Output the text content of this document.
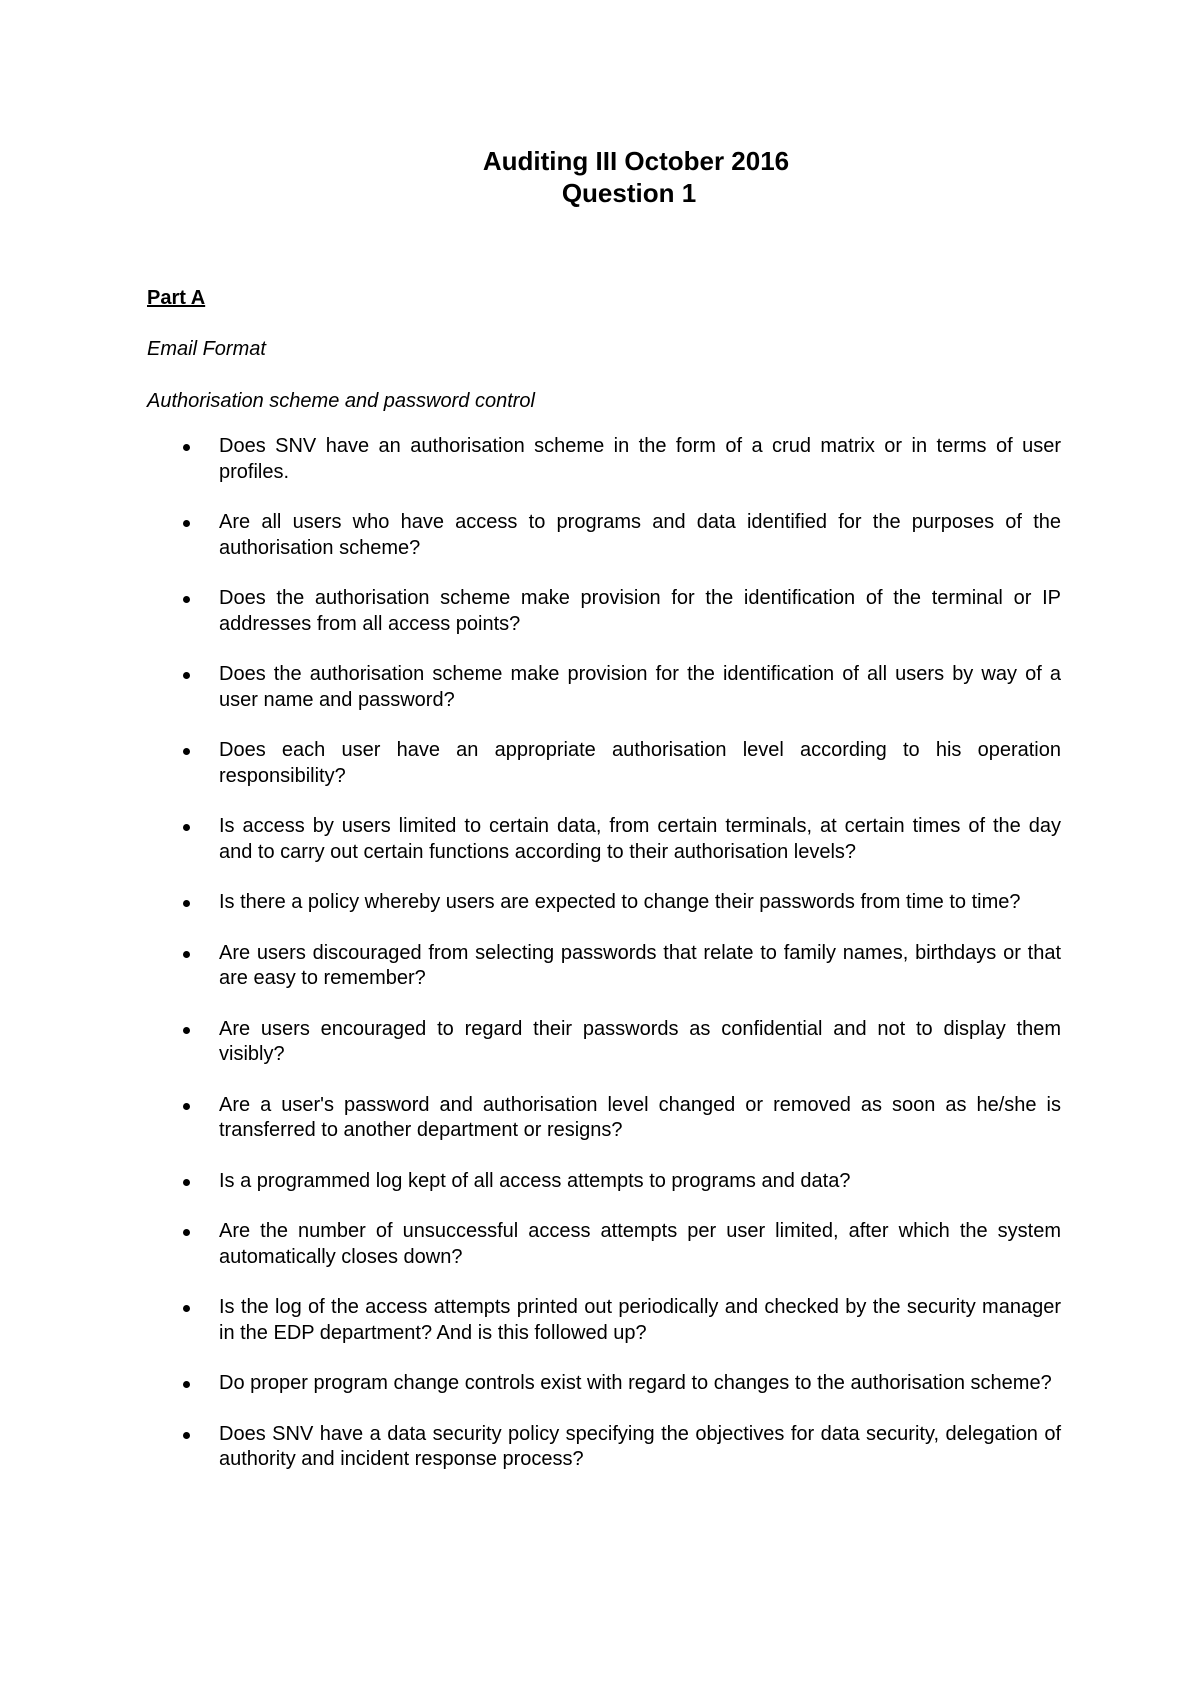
Auditing III October 2016
Question 1
Part A
Email Format
Authorisation scheme and password control
Does SNV have an authorisation scheme in the form of a crud matrix or in terms of user profiles.
Are all users who have access to programs and data identified for the purposes of the authorisation scheme?
Does the authorisation scheme make provision for the identification of the terminal or IP addresses from all access points?
Does the authorisation scheme make provision for the identification of all users by way of a user name and password?
Does each user have an appropriate authorisation level according to his operation responsibility?
Is access by users limited to certain data, from certain terminals, at certain times of the day and to carry out certain functions according to their authorisation levels?
Is there a policy whereby users are expected to change their passwords from time to time?
Are users discouraged from selecting passwords that relate to family names, birthdays or that are easy to remember?
Are users encouraged to regard their passwords as confidential and not to display them visibly?
Are a user's password and authorisation level changed or removed as soon as he/she is transferred to another department or resigns?
Is a programmed log kept of all access attempts to programs and data?
Are the number of unsuccessful access attempts per user limited, after which the system automatically closes down?
Is the log of the access attempts printed out periodically and checked by the security manager in the EDP department? And is this followed up?
Do proper program change controls exist with regard to changes to the authorisation scheme?
Does SNV have a data security policy specifying the objectives for data security, delegation of authority and incident response process?
